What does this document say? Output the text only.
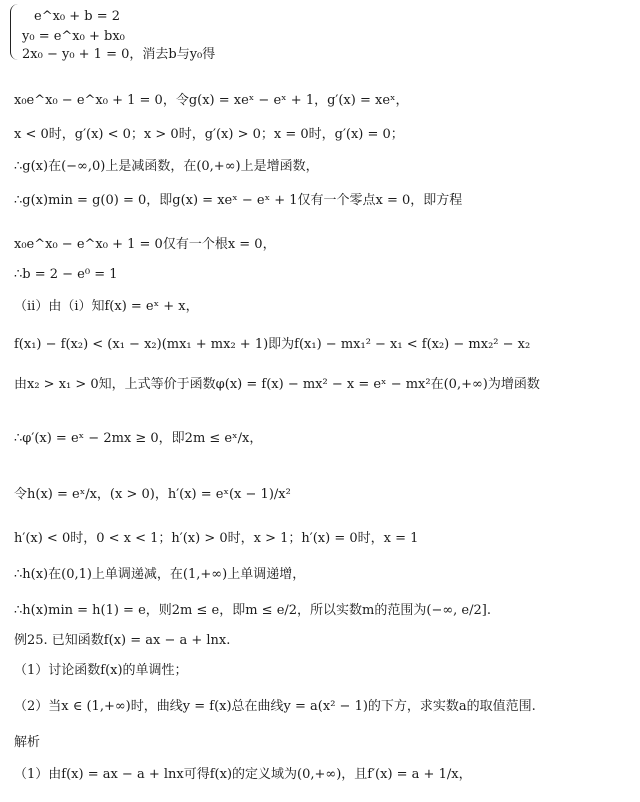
e^x₀ + b = 2
y₀ = e^x₀ + bx₀
2x₀ − y₀ + 1 = 0，消去b与y₀得
x₀e^x₀ − e^x₀ + 1 = 0，令g(x) = xeˣ − eˣ + 1，g′(x) = xeˣ，
x < 0时，g′(x) < 0；x > 0时，g′(x) > 0；x = 0时，g′(x) = 0；
∴g(x)在(−∞,0)上是减函数，在(0,+∞)上是增函数，
∴g(x)min = g(0) = 0，即g(x) = xeˣ − eˣ + 1仅有一个零点x = 0，即方程
x₀e^x₀ − e^x₀ + 1 = 0仅有一个根x = 0，
∴b = 2 − e⁰ = 1
（ii）由（i）知f(x) = eˣ + x，
f(x₁) − f(x₂) < (x₁ − x₂)(mx₁ + mx₂ + 1)即为f(x₁) − mx₁² − x₁ < f(x₂) − mx₂² − x₂
由x₂ > x₁ > 0知，上式等价于函数φ(x) = f(x) − mx² − x = eˣ − mx²在(0,+∞)为增函数
∴φ′(x) = eˣ − 2mx ≥ 0，即2m ≤ eˣ/x，
令h(x) = eˣ/x，(x > 0)，h′(x) = eˣ(x − 1)/x²
h′(x) < 0时，0 < x < 1；h′(x) > 0时，x > 1；h′(x) = 0时，x = 1
∴h(x)在(0,1)上单调递减，在(1,+∞)上单调递增，
∴h(x)min = h(1) = e，则2m ≤ e，即m ≤ e/2，所以实数m的范围为(−∞, e/2].
例25. 已知函数f(x) = ax − a + lnx.
（1）讨论函数f(x)的单调性；
（2）当x ∈ (1,+∞)时，曲线y = f(x)总在曲线y = a(x² − 1)的下方，求实数a的取值范围.
解析
（1）由f(x) = ax − a + lnx可得f(x)的定义域为(0,+∞)，且f′(x) = a + 1/x，
